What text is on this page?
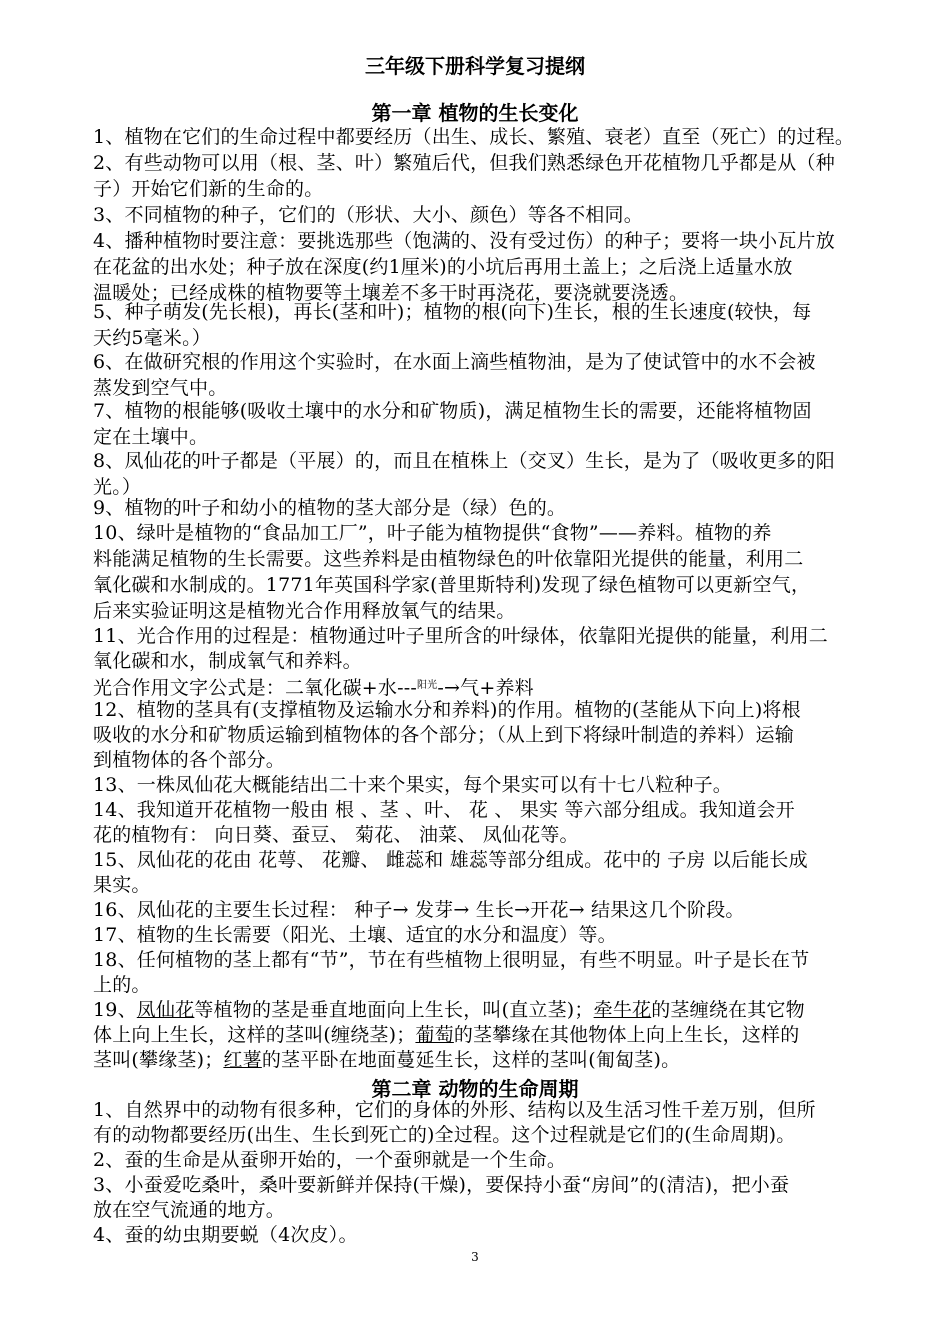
三年级下册科学复习提纲
第一章 植物的生长变化
1、植物在它们的生命过程中都要经历（出生、成长、繁殖、衰老）直至（死亡）的过程。
2、有些动物可以用（根、茎、叶）繁殖后代，但我们熟悉绿色开花植物几乎都是从（种
子）开始它们新的生命的。
3、不同植物的种子，它们的（形状、大小、颜色）等各不相同。
4、播种植物时要注意：要挑选那些（饱满的、没有受过伤）的种子；要将一块小瓦片放
在花盆的出水处；种子放在深度(约1厘米)的小坑后再用土盖上；之后浇上适量水放
温暖处；已经成株的植物要等土壤差不多干时再浇花，要浇就要浇透。
5、种子萌发(先长根)，再长(茎和叶)；植物的根(向下)生长，根的生长速度(较快，每
天约5毫米。）
6、在做研究根的作用这个实验时，在水面上滴些植物油，是为了使试管中的水不会被
蒸发到空气中。
7、植物的根能够(吸收土壤中的水分和矿物质)，满足植物生长的需要，还能将植物固
定在土壤中。
8、凤仙花的叶子都是（平展）的，而且在植株上（交叉）生长，是为了（吸收更多的阳
光。）
9、植物的叶子和幼小的植物的茎大部分是（绿）色的。
10、绿叶是植物的“食品加工厂”，叶子能为植物提供“食物”——养料。植物的养
料能满足植物的生长需要。这些养料是由植物绿色的叶依靠阳光提供的能量，利用二
氧化碳和水制成的。1771年英国科学家(普里斯特利)发现了绿色植物可以更新空气，
后来实验证明这是植物光合作用释放氧气的结果。
11、光合作用的过程是：植物通过叶子里所含的叶绿体，依靠阳光提供的能量，利用二
氧化碳和水，制成氧气和养料。
光合作用文字公式是：二氧化碳+水---$^{阳光}$-→气+养料
12、植物的茎具有(支撑植物及运输水分和养料)的作用。植物的(茎能从下向上)将根
吸收的水分和矿物质运输到植物体的各个部分；（从上到下将绿叶制造的养料）运输
到植物体的各个部分。
13、一株凤仙花大概能结出二十来个果实，每个果实可以有十七八粒种子。
14、我知道开花植物一般由 根 、茎 、叶、 花 、 果实 等六部分组成。我知道会开
花的植物有： 向日葵、蚕豆、 菊花、 油菜、 凤仙花等。
15、凤仙花的花由 花萼、 花瓣、 雌蕊和 雄蕊等部分组成。花中的 子房 以后能长成
果实。
16、凤仙花的主要生长过程： 种子→ 发芽→ 生长→开花→ 结果这几个阶段。
17、植物的生长需要（阳光、土壤、适宜的水分和温度）等。
18、任何植物的茎上都有“节”，节在有些植物上很明显，有些不明显。叶子是长在节
上的。
19、凤仙花等植物的茎是垂直地面向上生长，叫(直立茎)；牵牛花的茎缠绕在其它物
体上向上生长，这样的茎叫(缠绕茎)；葡萄的茎攀缘在其他物体上向上生长，这样的
茎叫(攀缘茎)；红薯的茎平卧在地面蔓延生长，这样的茎叫(匍匐茎)。
第二章 动物的生命周期
1、自然界中的动物有很多种，它们的身体的外形、结构以及生活习性千差万别，但所
有的动物都要经历(出生、生长到死亡的)全过程。这个过程就是它们的(生命周期)。
2、蚕的生命是从蚕卵开始的，一个蚕卵就是一个生命。
3、小蚕爱吃桑叶，桑叶要新鲜并保持(干燥)，要保持小蚕“房间”的(清洁)，把小蚕
放在空气流通的地方。
4、蚕的幼虫期要蜕（4次皮）。
3
